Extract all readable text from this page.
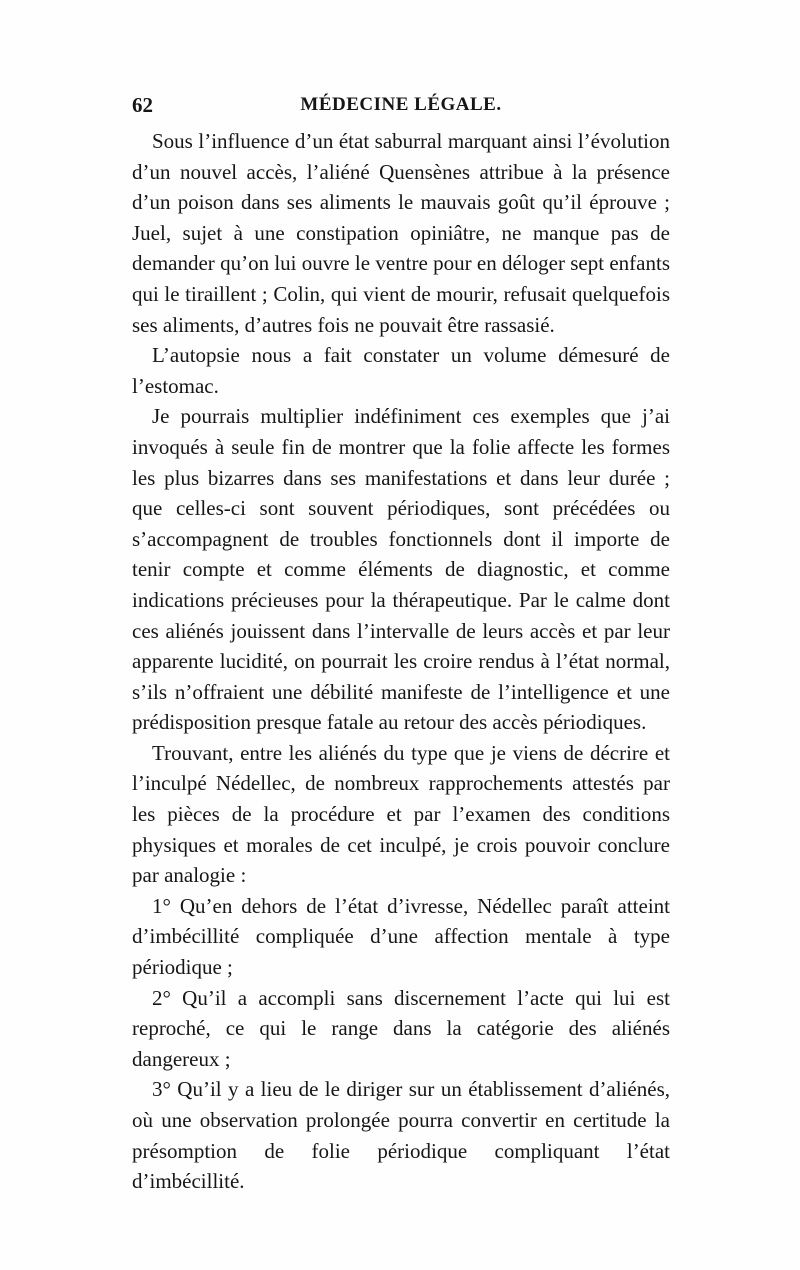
62	MÉDECINE LÉGALE.

Sous l’influence d’un état saburral marquant ainsi l’évolution d’un nouvel accès, l’aliéné Quensènes attribue à la présence d’un poison dans ses aliments le mauvais goût qu’il éprouve ; Juel, sujet à une constipation opiniâtre, ne manque pas de demander qu’on lui ouvre le ventre pour en déloger sept enfants qui le tiraillent ; Colin, qui vient de mourir, refusait quelquefois ses aliments, d’autres fois ne pouvait être rassasié.

L’autopsie nous a fait constater un volume démesuré de l’estomac.

Je pourrais multiplier indéfiniment ces exemples que j’ai invoqués à seule fin de montrer que la folie affecte les formes les plus bizarres dans ses manifestations et dans leur durée ; que celles-ci sont souvent périodiques, sont précédées ou s’accompagnent de troubles fonctionnels dont il importe de tenir compte et comme éléments de diagnostic, et comme indications précieuses pour la thérapeutique. Par le calme dont ces aliénés jouissent dans l’intervalle de leurs accès et par leur apparente lucidité, on pourrait les croire rendus à l’état normal, s’ils n’offraient une débilité manifeste de l’intelligence et une prédisposition presque fatale au retour des accès périodiques.

Trouvant, entre les aliénés du type que je viens de décrire et l’inculpé Nédellec, de nombreux rapprochements attestés par les pièces de la procédure et par l’examen des conditions physiques et morales de cet inculpé, je crois pouvoir conclure par analogie :

1° Qu’en dehors de l’état d’ivresse, Nédellec paraît atteint d’imbécillité compliquée d’une affection mentale à type périodique ;

2° Qu’il a accompli sans discernement l’acte qui lui est reproché, ce qui le range dans la catégorie des aliénés dangereux ;

3° Qu’il y a lieu de le diriger sur un établissement d’aliénés, où une observation prolongée pourra convertir en certitude la présomption de folie périodique compliquant l’état d’imbécillité.
